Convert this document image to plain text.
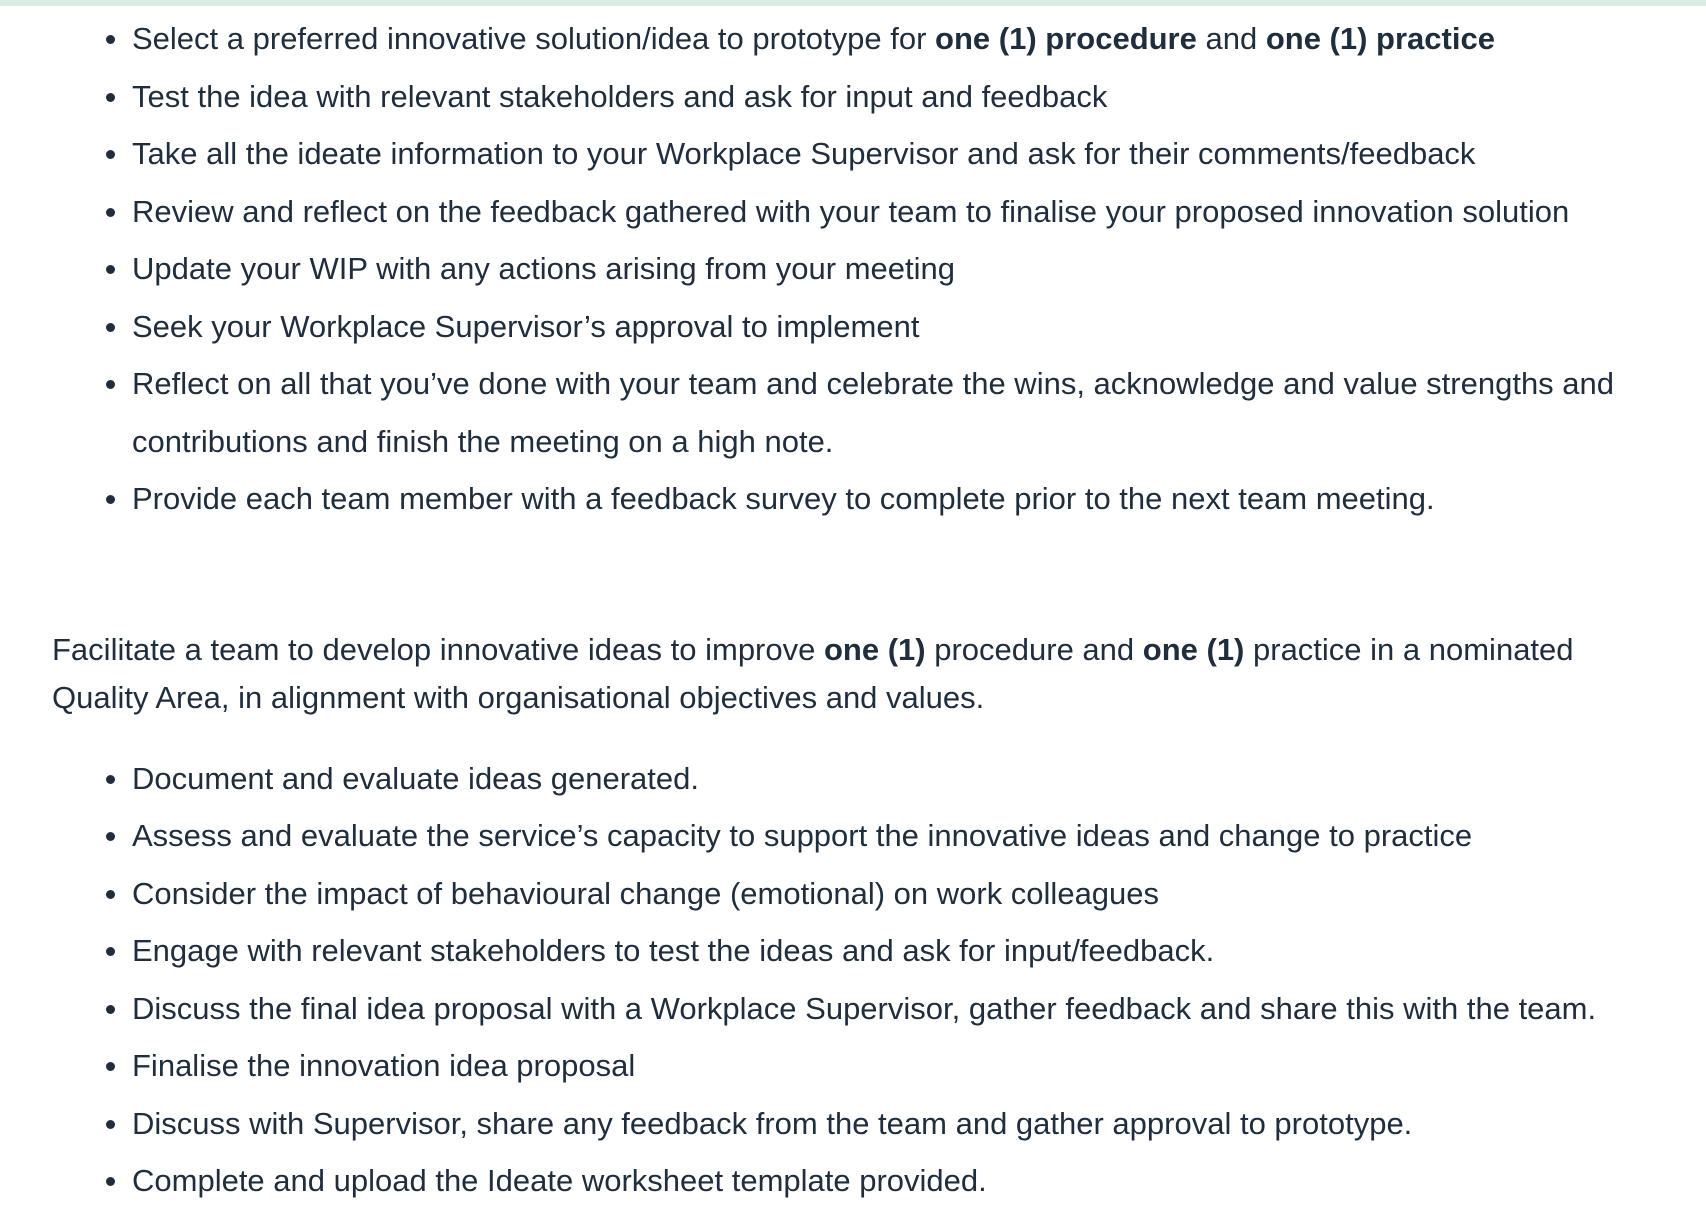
Select a preferred innovative solution/idea to prototype for one (1) procedure and one (1) practice
Test the idea with relevant stakeholders and ask for input and feedback
Take all the ideate information to your Workplace Supervisor and ask for their comments/feedback
Review and reflect on the feedback gathered with your team to finalise your proposed innovation solution
Update your WIP with any actions arising from your meeting
Seek your Workplace Supervisor’s approval to implement
Reflect on all that you’ve done with your team and celebrate the wins, acknowledge and value strengths and contributions and finish the meeting on a high note.
Provide each team member with a feedback survey to complete prior to the next team meeting.

Facilitate a team to develop innovative ideas to improve one (1) procedure and one (1) practice in a nominated Quality Area, in alignment with organisational objectives and values.

Document and evaluate ideas generated.
Assess and evaluate the service’s capacity to support the innovative ideas and change to practice
Consider the impact of behavioural change (emotional) on work colleagues
Engage with relevant stakeholders to test the ideas and ask for input/feedback.
Discuss the final idea proposal with a Workplace Supervisor, gather feedback and share this with the team.
Finalise the innovation idea proposal
Discuss with Supervisor, share any feedback from the team and gather approval to prototype.
Complete and upload the Ideate worksheet template provided.
